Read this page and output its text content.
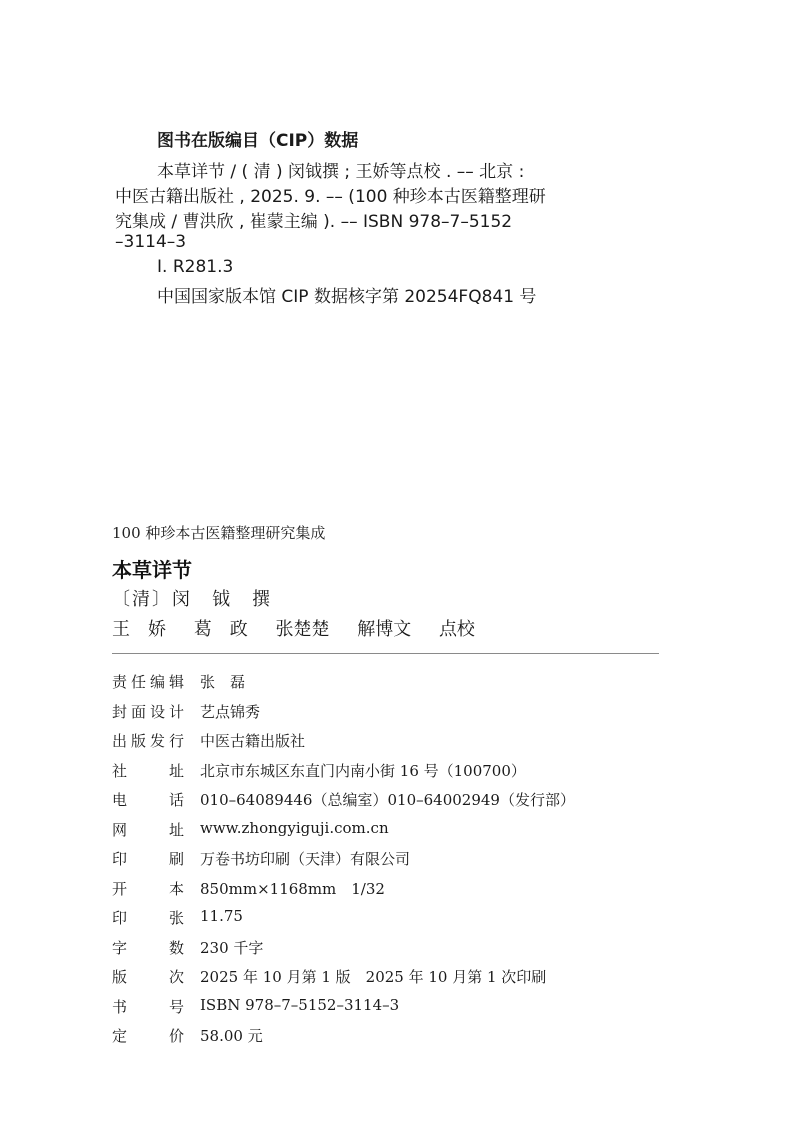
图书在版编目（CIP）数据
本草详节 / ( 清 ) 闵钺撰 ; 王娇等点校 . –– 北京 :
中医古籍出版社 , 2025. 9. –– (100 种珍本古医籍整理研
究集成 / 曹洪欣 , 崔蒙主编 ). –– ISBN 978–7–5152
–3114–3
Ⅰ. R281.3
中国国家版本馆 CIP 数据核字第 20254FQ841 号
100 种珍本古医籍整理研究集成
本草详节
〔清〕闵　钺　撰
王　娇 葛　政 张楚楚 解博文 点校
责 任 编 辑 张　磊
封 面 设 计 艺点锦秀
出 版 发 行 中医古籍出版社
社	址 北京市东城区东直门内南小街 16 号（100700）
电	话 010–64089446（总编室）010–64002949（发行部）
网	址 www.zhongyiguji.com.cn
印	刷 万卷书坊印刷（天津）有限公司
开	本 850mm×1168mm　1/32
印	张 11.75
字	数 230 千字
版	次 2025 年 10 月第 1 版　2025 年 10 月第 1 次印刷
书	号 ISBN 978–7–5152–3114–3
定	价 58.00 元
